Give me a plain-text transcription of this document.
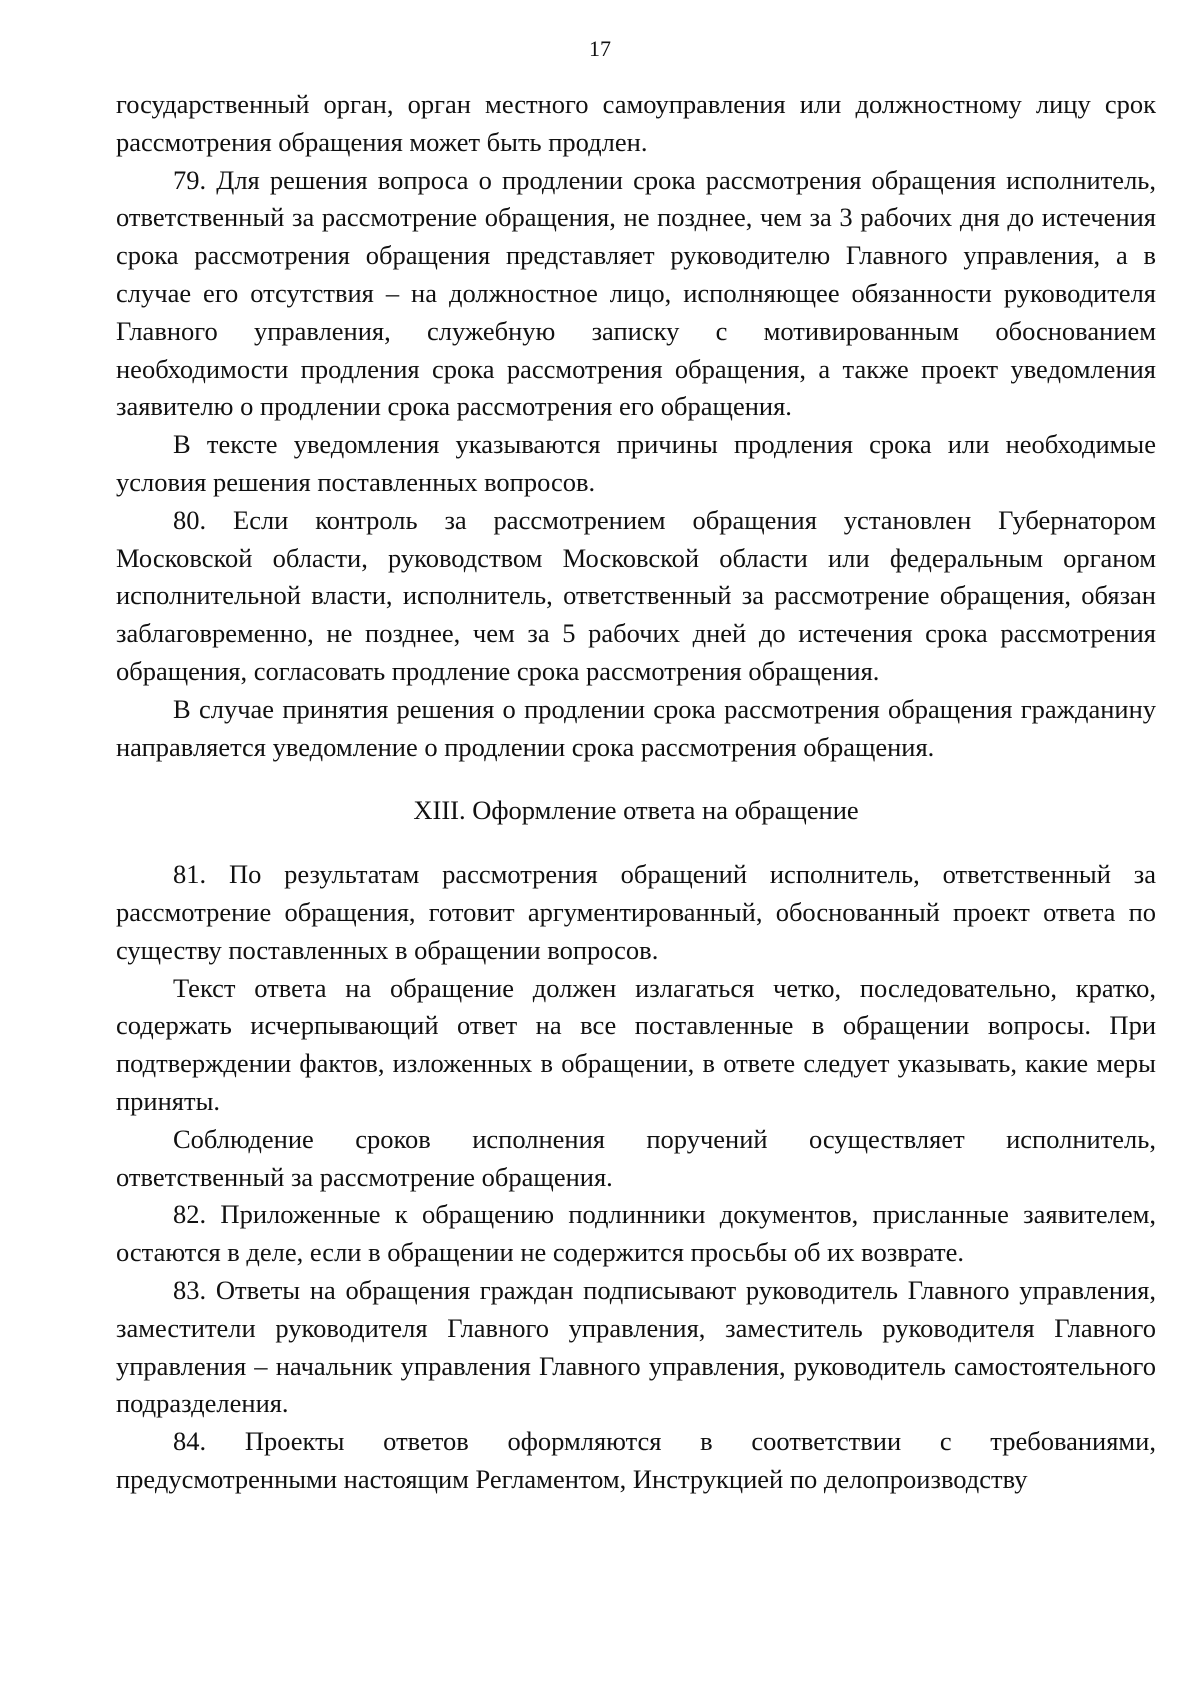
17

государственный орган, орган местного самоуправления или должностному лицу срок рассмотрения обращения может быть продлен.

79. Для решения вопроса о продлении срока рассмотрения обращения исполнитель, ответственный за рассмотрение обращения, не позднее, чем за 3 рабочих дня до истечения срока рассмотрения обращения представляет руководителю Главного управления, а в случае его отсутствия – на должностное лицо, исполняющее обязанности руководителя Главного управления, служебную записку с мотивированным обоснованием необходимости продления срока рассмотрения обращения, а также проект уведомления заявителю о продлении срока рассмотрения его обращения.

В тексте уведомления указываются причины продления срока или необходимые условия решения поставленных вопросов.

80. Если контроль за рассмотрением обращения установлен Губернатором Московской области, руководством Московской области или федеральным органом исполнительной власти, исполнитель, ответственный за рассмотрение обращения, обязан заблаговременно, не позднее, чем за 5 рабочих дней до истечения срока рассмотрения обращения, согласовать продление срока рассмотрения обращения.

В случае принятия решения о продлении срока рассмотрения обращения гражданину направляется уведомление о продлении срока рассмотрения обращения.

XIII. Оформление ответа на обращение

81. По результатам рассмотрения обращений исполнитель, ответственный за рассмотрение обращения, готовит аргументированный, обоснованный проект ответа по существу поставленных в обращении вопросов.

Текст ответа на обращение должен излагаться четко, последовательно, кратко, содержать исчерпывающий ответ на все поставленные в обращении вопросы. При подтверждении фактов, изложенных в обращении, в ответе следует указывать, какие меры приняты.

Соблюдение сроков исполнения поручений осуществляет исполнитель, ответственный за рассмотрение обращения.

82. Приложенные к обращению подлинники документов, присланные заявителем, остаются в деле, если в обращении не содержится просьбы об их возврате.

83. Ответы на обращения граждан подписывают руководитель Главного управления, заместители руководителя Главного управления, заместитель руководителя Главного управления – начальник управления Главного управления, руководитель самостоятельного подразделения.

84. Проекты ответов оформляются в соответствии с требованиями, предусмотренными настоящим Регламентом, Инструкцией по делопроизводству
